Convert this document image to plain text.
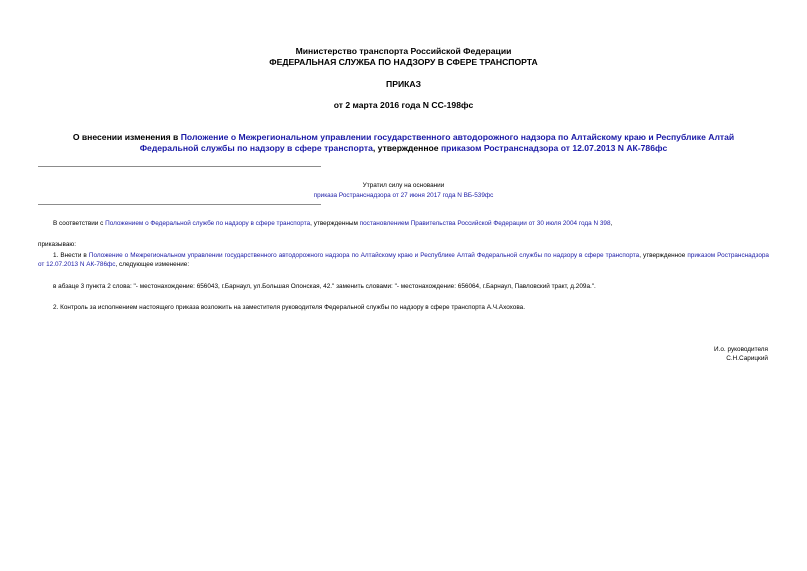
Министерство транспорта Российской Федерации
ФЕДЕРАЛЬНАЯ СЛУЖБА ПО НАДЗОРУ В СФЕРЕ ТРАНСПОРТА
ПРИКАЗ
от 2 марта 2016 года N СС-198фс
О внесении изменения в Положение о Межрегиональном управлении государственного автодорожного надзора по Алтайскому краю и Республике Алтай
Федеральной службы по надзору в сфере транспорта, утвержденное приказом Ространснадзора от 12.07.2013 N АК-786фс
Утратил силу на основании
приказа Ространснадзора от 27 июня 2017 года N ВБ-539фс
В соответствии с Положением о Федеральной службе по надзору в сфере транспорта, утвержденным постановлением Правительства Российской Федерации от 30 июля 2004 года N 398,
приказываю:
1. Внести в Положение о Межрегиональном управлении государственного автодорожного надзора по Алтайскому краю и Республике Алтай Федеральной службы по надзору в сфере транспорта, утвержденное приказом Ространснадзора от 12.07.2013 N АК-786фс, следующее изменение:
в абзаце 3 пункта 2 слова: "- местонахождение: 656043, г.Барнаул, ул.Большая Олонская, 42." заменить словами: "- местонахождение: 656064, г.Барнаул, Павловский тракт, д.209а.".
2. Контроль за исполнением настоящего приказа возложить на заместителя руководителя Федеральной службы по надзору в сфере транспорта А.Ч.Ахохова.
И.о. руководителя
С.Н.Сарицкий
